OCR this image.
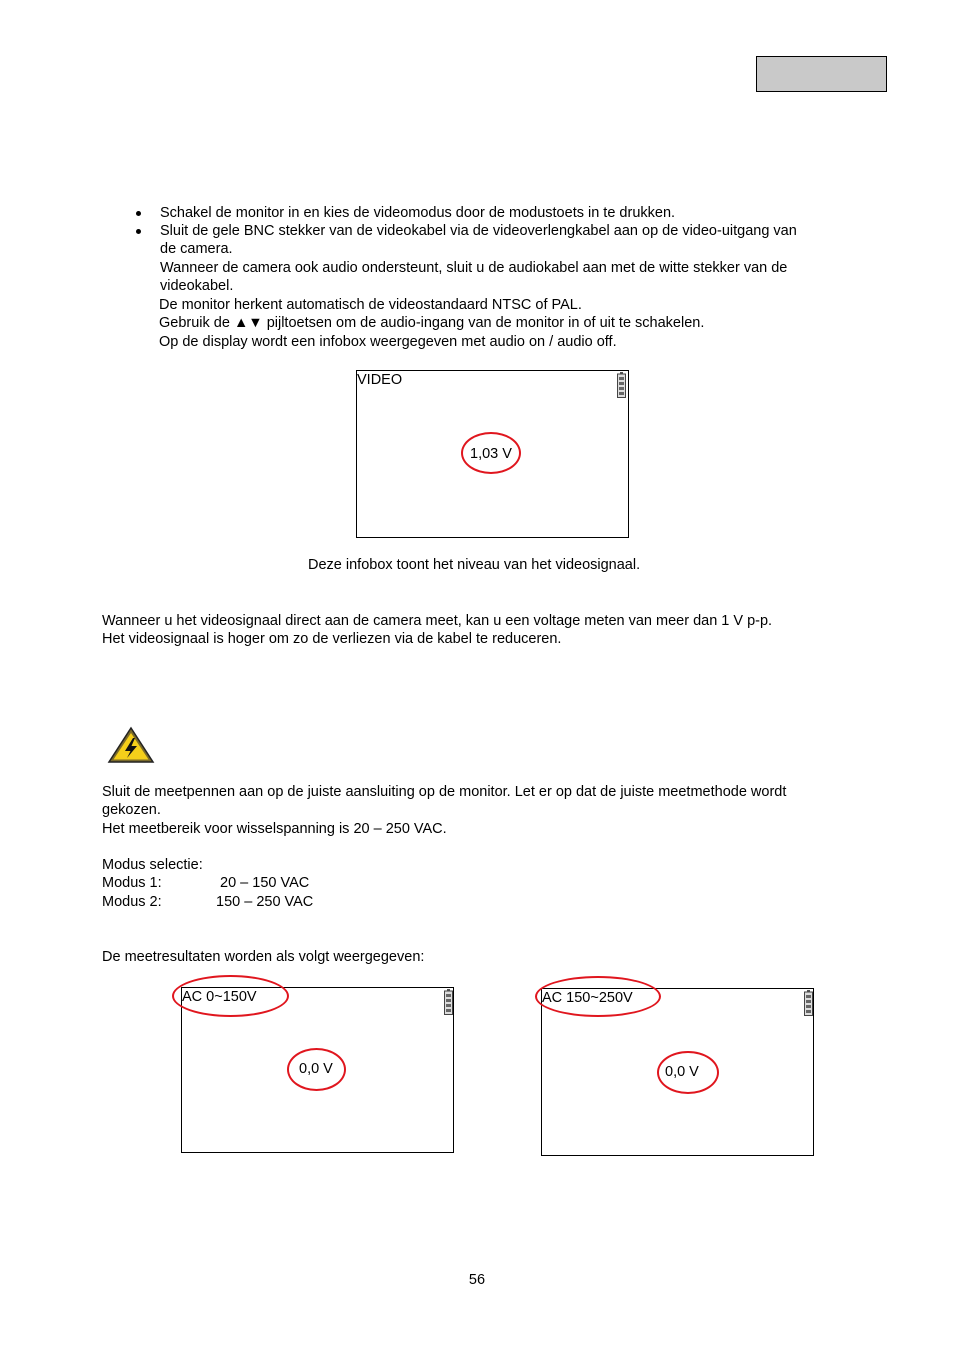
Schakel de monitor in en kies de videomodus door de modustoets in te drukken.
Sluit de gele BNC stekker van de videokabel via de videoverlengkabel aan op de video-uitgang van
de camera.
Wanneer de camera ook audio ondersteunt, sluit u de audiokabel aan met de witte stekker van de
videokabel.
De monitor herkent automatisch de videostandaard NTSC of PAL.
Gebruik de ▲▼ pijltoetsen om de audio-ingang van de monitor in of uit te schakelen.
Op de display wordt een infobox weergegeven met audio on / audio off.
VIDEO
1,03 V
Deze infobox toont het niveau van het videosignaal.
Wanneer u het videosignaal direct aan de camera meet, kan u een voltage meten van meer dan 1 V p-p.
Het videosignaal is hoger om zo de verliezen via de kabel te reduceren.
Sluit de meetpennen aan op de juiste aansluiting op de monitor. Let er op dat de juiste meetmethode wordt
gekozen.
Het meetbereik voor wisselspanning is 20 – 250 VAC.
Modus selectie:
Modus 1:	20 – 150 VAC
Modus 2:	150 – 250 VAC
De meetresultaten worden als volgt weergegeven:
AC 0~150V
0,0 V
AC 150~250V
0,0 V
56
